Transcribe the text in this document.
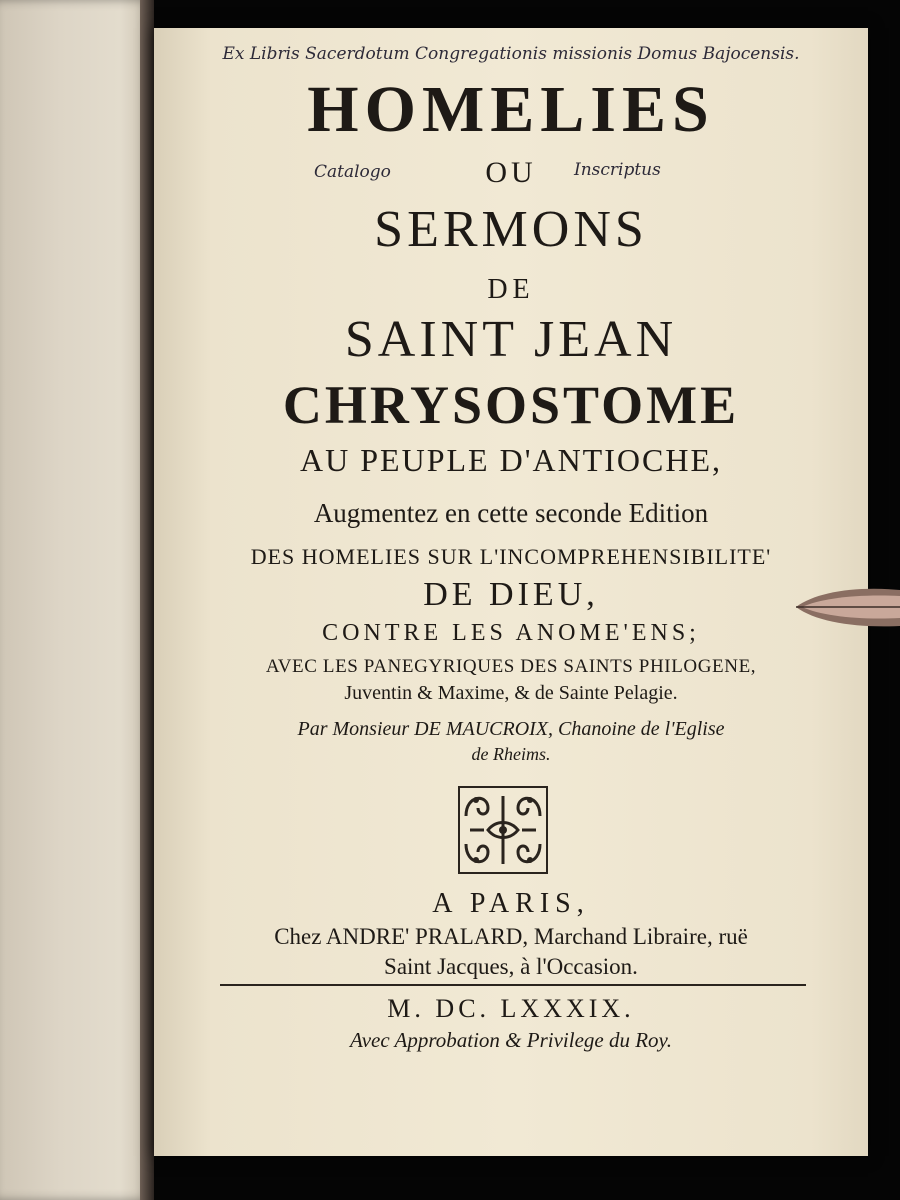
Ex Libris Sacerdotum Congregationis missionis Domus Bajocensis.
HOMELIES
Catalogo	OU Inscriptus
SERMONS
DE
SAINT JEAN
CHRYSOSTOME
AU PEUPLE D'ANTIOCHE,
Augmentez en cette seconde Edition
DES HOMELIES SUR L'INCOMPREHENSIBILITE'
DE DIEU,
CONTRE LES ANOME'ENS;
AVEC LES PANEGYRIQUES DES SAINTS PHILOGENE,
Juventin & Maxime, & de Sainte Pelagie.
Par Monsieur DE MAUCROIX, Chanoine de l'Eglise
de Rheims.
A PARIS,
Chez ANDRE' PRALARD, Marchand Libraire, ruë
Saint Jacques, à l'Occasion.
M. DC. LXXXIX.
Avec Approbation & Privilege du Roy.
